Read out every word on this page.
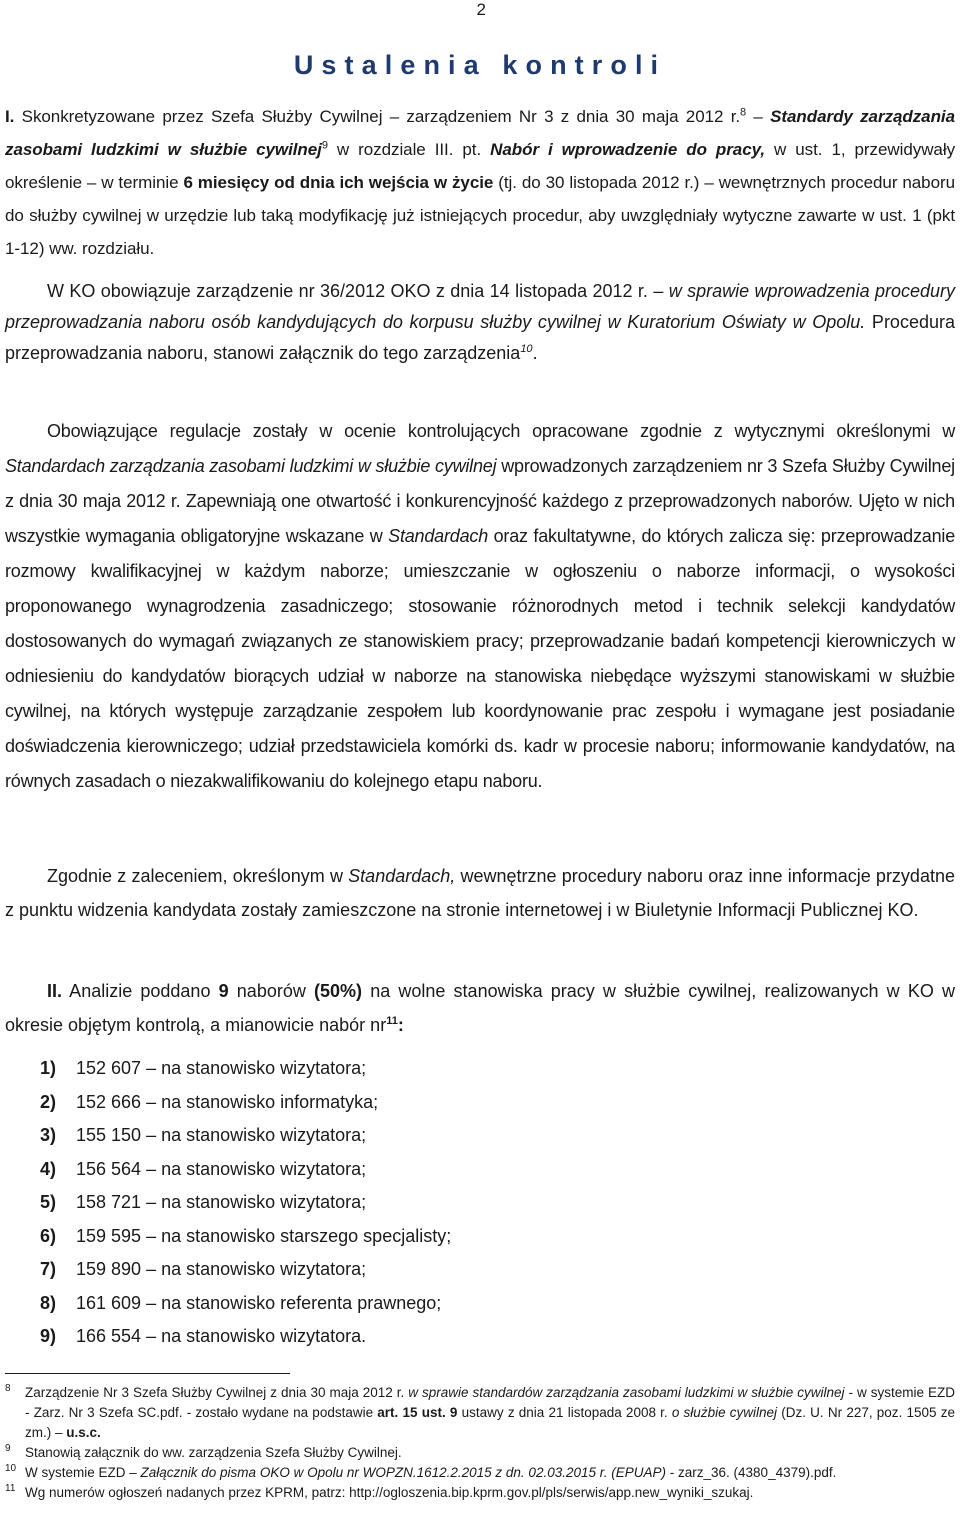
2
Ustalenia kontroli
I. Skonkretyzowane przez Szefa Służby Cywilnej – zarządzeniem Nr 3 z dnia 30 maja 2012 r.$^8$ – Standardy zarządzania zasobami ludzkimi w służbie cywilnej$^9$ w rozdziale III. pt. Nabór i wprowadzenie do pracy, w ust. 1, przewidywały określenie – w terminie 6 miesięcy od dnia ich wejścia w życie (tj. do 30 listopada 2012 r.) – wewnętrznych procedur naboru do służby cywilnej w urzędzie lub taką modyfikację już istniejących procedur, aby uwzględniały wytyczne zawarte w ust. 1 (pkt 1-12) ww. rozdziału.
W KO obowiązuje zarządzenie nr 36/2012 OKO z dnia 14 listopada 2012 r. – w sprawie wprowadzenia procedury przeprowadzania naboru osób kandydujących do korpusu służby cywilnej w Kuratorium Oświaty w Opolu. Procedura przeprowadzania naboru, stanowi załącznik do tego zarządzenia$^{10}$.
Obowiązujące regulacje zostały w ocenie kontrolujących opracowane zgodnie z wytycznymi określonymi w Standardach zarządzania zasobami ludzkimi w służbie cywilnej wprowadzonych zarządzeniem nr 3 Szefa Służby Cywilnej z dnia 30 maja 2012 r. Zapewniają one otwartość i konkurencyjność każdego z przeprowadzonych naborów. Ujęto w nich wszystkie wymagania obligatoryjne wskazane w Standardach oraz fakultatywne, do których zalicza się: przeprowadzanie rozmowy kwalifikacyjnej w każdym naborze; umieszczanie w ogłoszeniu o naborze informacji, o wysokości proponowanego wynagrodzenia zasadniczego; stosowanie różnorodnych metod i technik selekcji kandydatów dostosowanych do wymagań związanych ze stanowiskiem pracy; przeprowadzanie badań kompetencji kierowniczych w odniesieniu do kandydatów biorących udział w naborze na stanowiska niebędące wyższymi stanowiskami w służbie cywilnej, na których występuje zarządzanie zespołem lub koordynowanie prac zespołu i wymagane jest posiadanie doświadczenia kierowniczego; udział przedstawiciela komórki ds. kadr w procesie naboru; informowanie kandydatów, na równych zasadach o niezakwalifikowaniu do kolejnego etapu naboru.
Zgodnie z zaleceniem, określonym w Standardach, wewnętrzne procedury naboru oraz inne informacje przydatne z punktu widzenia kandydata zostały zamieszczone na stronie internetowej i w Biuletynie Informacji Publicznej KO.
II. Analizie poddano 9 naborów (50%) na wolne stanowiska pracy w służbie cywilnej, realizowanych w KO w okresie objętym kontrolą, a mianowicie nabór $nr^{11}$:
1) 152 607 – na stanowisko wizytatora;
2) 152 666 – na stanowisko informatyka;
3) 155 150 – na stanowisko wizytatora;
4) 156 564 – na stanowisko wizytatora;
5) 158 721 – na stanowisko wizytatora;
6) 159 595 – na stanowisko starszego specjalisty;
7) 159 890 – na stanowisko wizytatora;
8) 161 609 – na stanowisko referenta prawnego;
9) 166 554 – na stanowisko wizytatora.
8 Zarządzenie Nr 3 Szefa Służby Cywilnej z dnia 30 maja 2012 r. w sprawie standardów zarządzania zasobami ludzkimi w służbie cywilnej - w systemie EZD - Zarz. Nr 3 Szefa SC.pdf. - zostało wydane na podstawie art. 15 ust. 9 ustawy z dnia 21 listopada 2008 r. o służbie cywilnej (Dz. U. Nr 227, poz. 1505 ze zm.) – u.s.c.
9 Stanowią załącznik do ww. zarządzenia Szefa Służby Cywilnej.
10 W systemie EZD – Załącznik do pisma OKO w Opolu nr WOPZN.1612.2.2015 z dn. 02.03.2015 r. (EPUAP) - zarz_36. (4380_4379).pdf.
11 Wg numerów ogłoszeń nadanych przez KPRM, patrz: http://ogloszenia.bip.kprm.gov.pl/pls/serwis/app.new_wyniki_szukaj.
